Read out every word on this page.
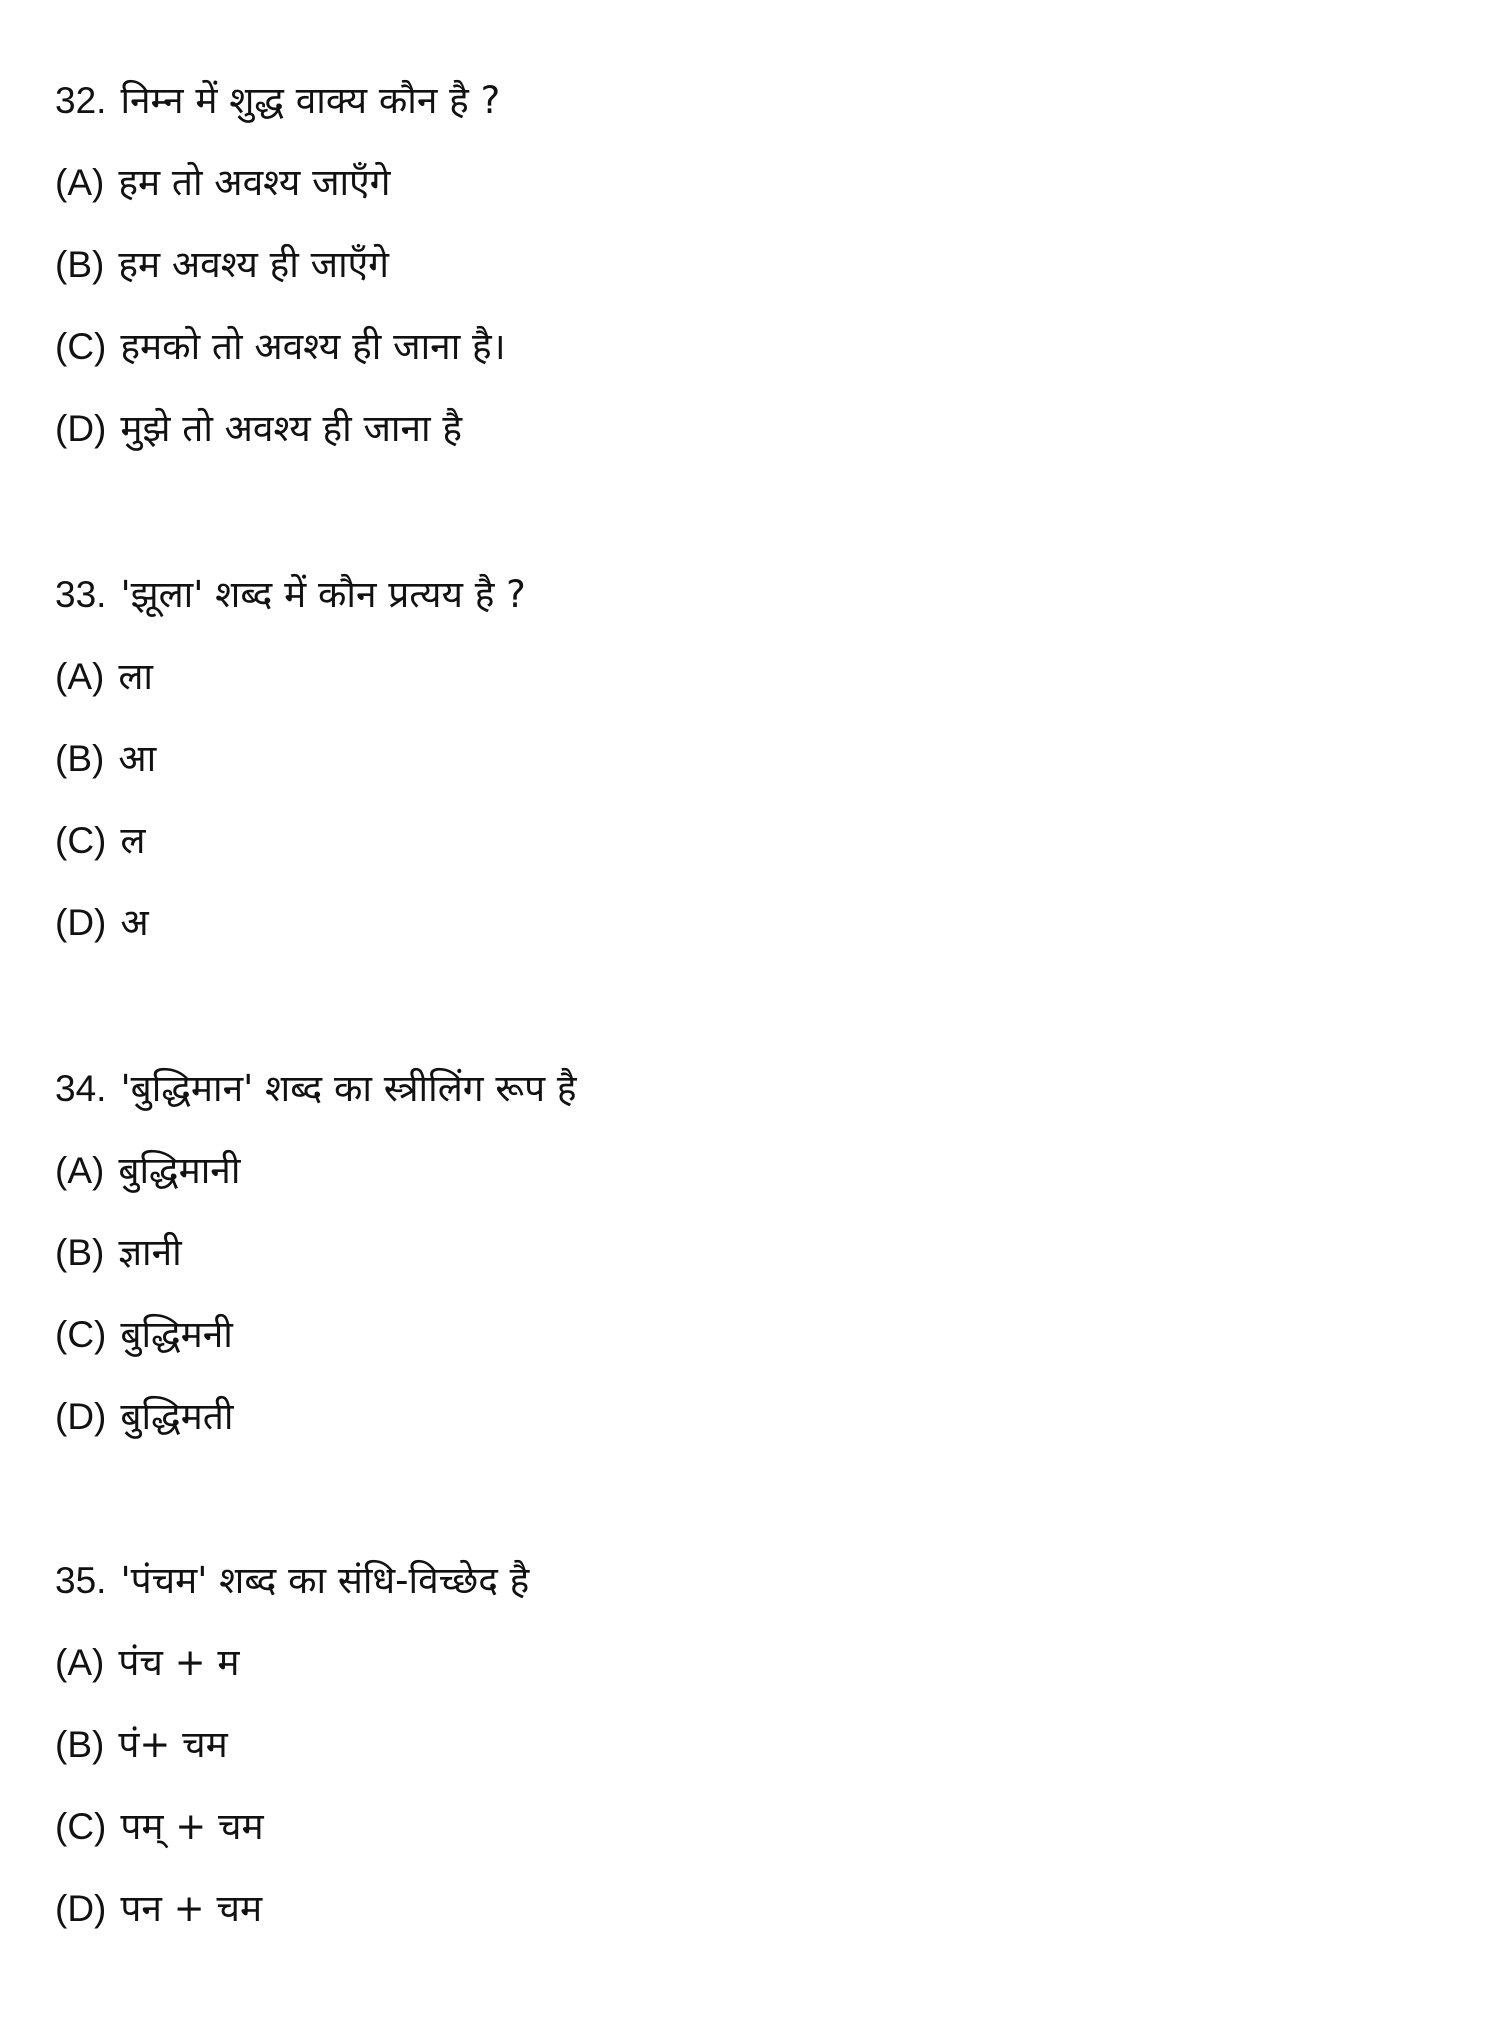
32. निम्न में शुद्ध वाक्य कौन है ?
(A) हम तो अवश्य जाएँगे
(B) हम अवश्य ही जाएँगे
(C) हमको तो अवश्य ही जाना है।
(D) मुझे तो अवश्य ही जाना है
33. 'झूला' शब्द में कौन प्रत्यय है ?
(A) ला
(B) आ
(C) ल
(D) अ
34. 'बुद्धिमान' शब्द का स्त्रीलिंग रूप है
(A) बुद्धिमानी
(B) ज्ञानी
(C) बुद्धिमनी
(D) बुद्धिमती
35. 'पंचम' शब्द का संधि-विच्छेद है
(A) पंच + म
(B) पं+ चम
(C) पम् + चम
(D) पन + चम
